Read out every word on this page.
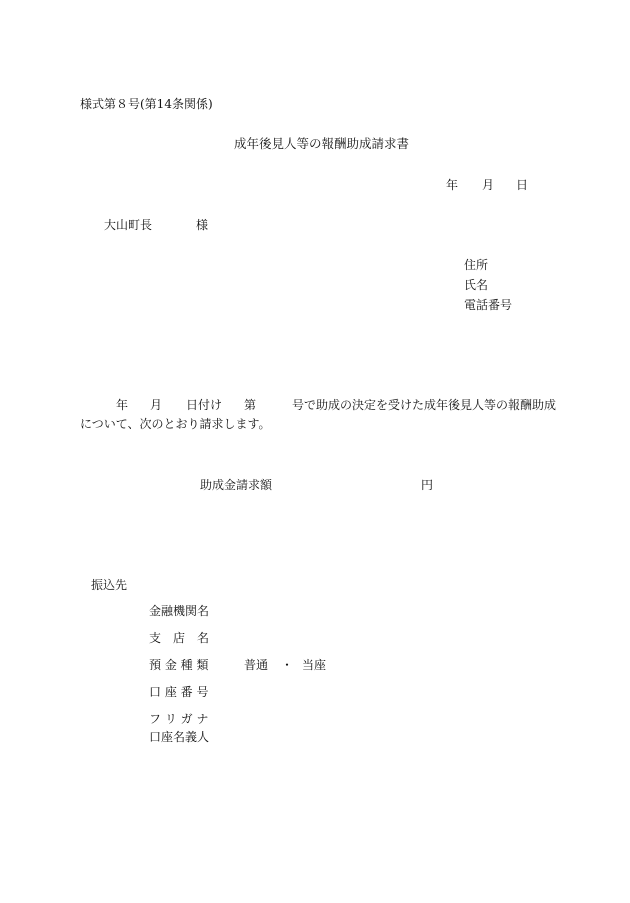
様式第８号(第14条関係)
成年後見人等の報酬助成請求書
年 月 日
大山町長	様
住所
氏名
電話番号
年 月 日付け 第	号で助成の決定を受けた成年後見人等の報酬助成
について、次のとおり請求します。
助成金請求額	円
振込先
金融機関名
支　店　名
預 金 種 類	普通 ・ 当座
口 座 番 号
フ リ ガ ナ
口座名義人
